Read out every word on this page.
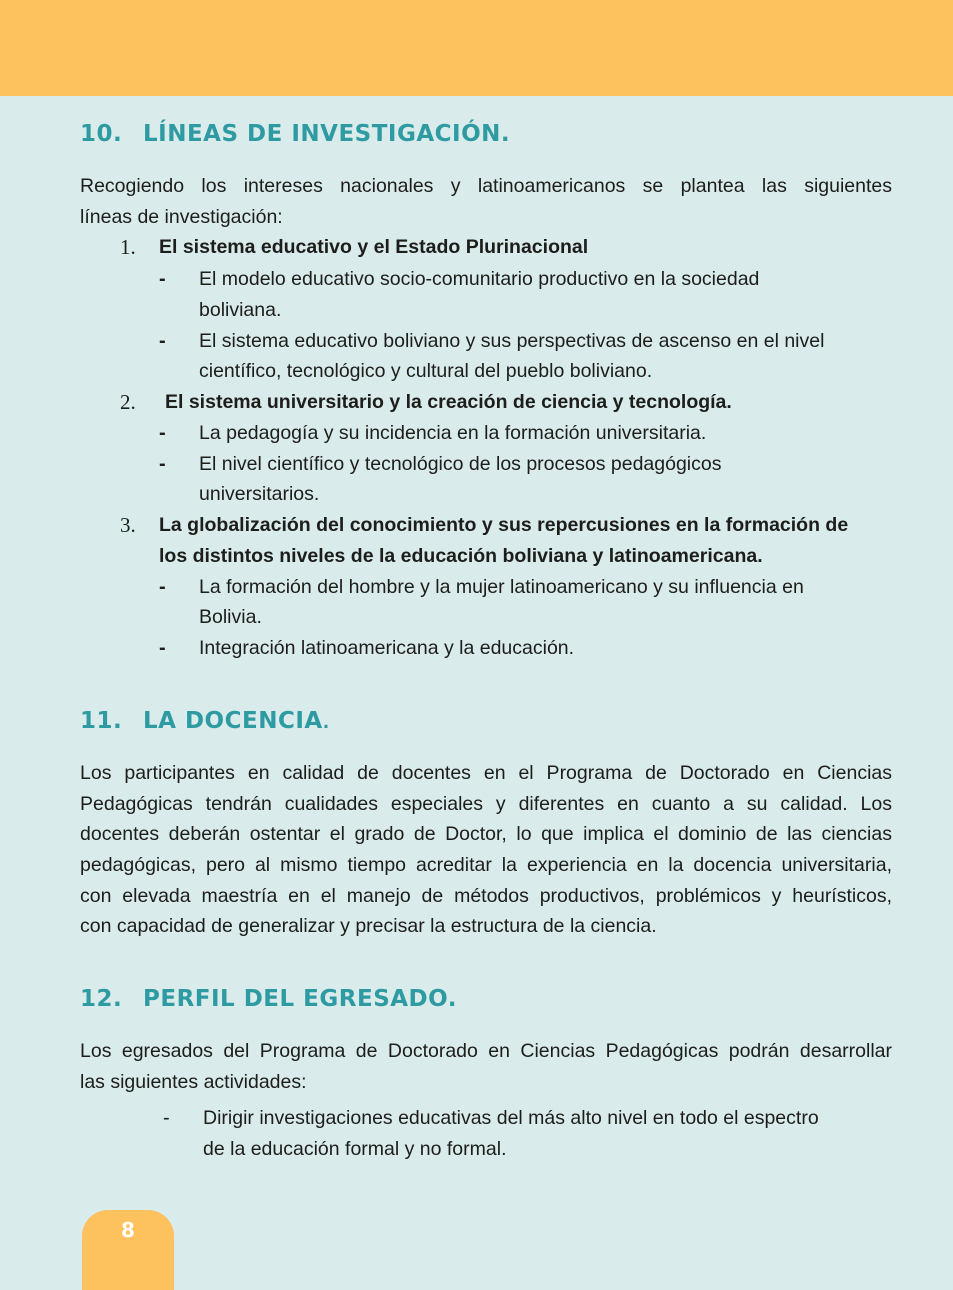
10. LÍNEAS DE INVESTIGACIÓN.
Recogiendo los intereses nacionales y latinoamericanos se plantea las siguientes
líneas de investigación:
1. El sistema educativo y el Estado Plurinacional
- El modelo educativo socio-comunitario productivo en la sociedad
boliviana.
- El sistema educativo boliviano y sus perspectivas de ascenso en el nivel
científico, tecnológico y cultural del pueblo boliviano.
2. El sistema universitario y la creación de ciencia y tecnología.
- La pedagogía y su incidencia en la formación universitaria.
- El nivel científico y tecnológico de los procesos pedagógicos
universitarios.
3. La globalización del conocimiento y sus repercusiones en la formación de
los distintos niveles de la educación boliviana y latinoamericana.
- La formación del hombre y la mujer latinoamericano y su influencia en
Bolivia.
- Integración latinoamericana y la educación.
11. LA DOCENCIA.
Los participantes en calidad de docentes en el Programa de Doctorado en Ciencias
Pedagógicas tendrán cualidades especiales y diferentes en cuanto a su calidad. Los
docentes deberán ostentar el grado de Doctor, lo que implica el dominio de las ciencias
pedagógicas, pero al mismo tiempo acreditar la experiencia en la docencia universitaria,
con elevada maestría en el manejo de métodos productivos, problémicos y heurísticos,
con capacidad de generalizar y precisar la estructura de la ciencia.
12. PERFIL DEL EGRESADO.
Los egresados del Programa de Doctorado en Ciencias Pedagógicas podrán desarrollar
las siguientes actividades:
- Dirigir investigaciones educativas del más alto nivel en todo el espectro
de la educación formal y no formal.
8
